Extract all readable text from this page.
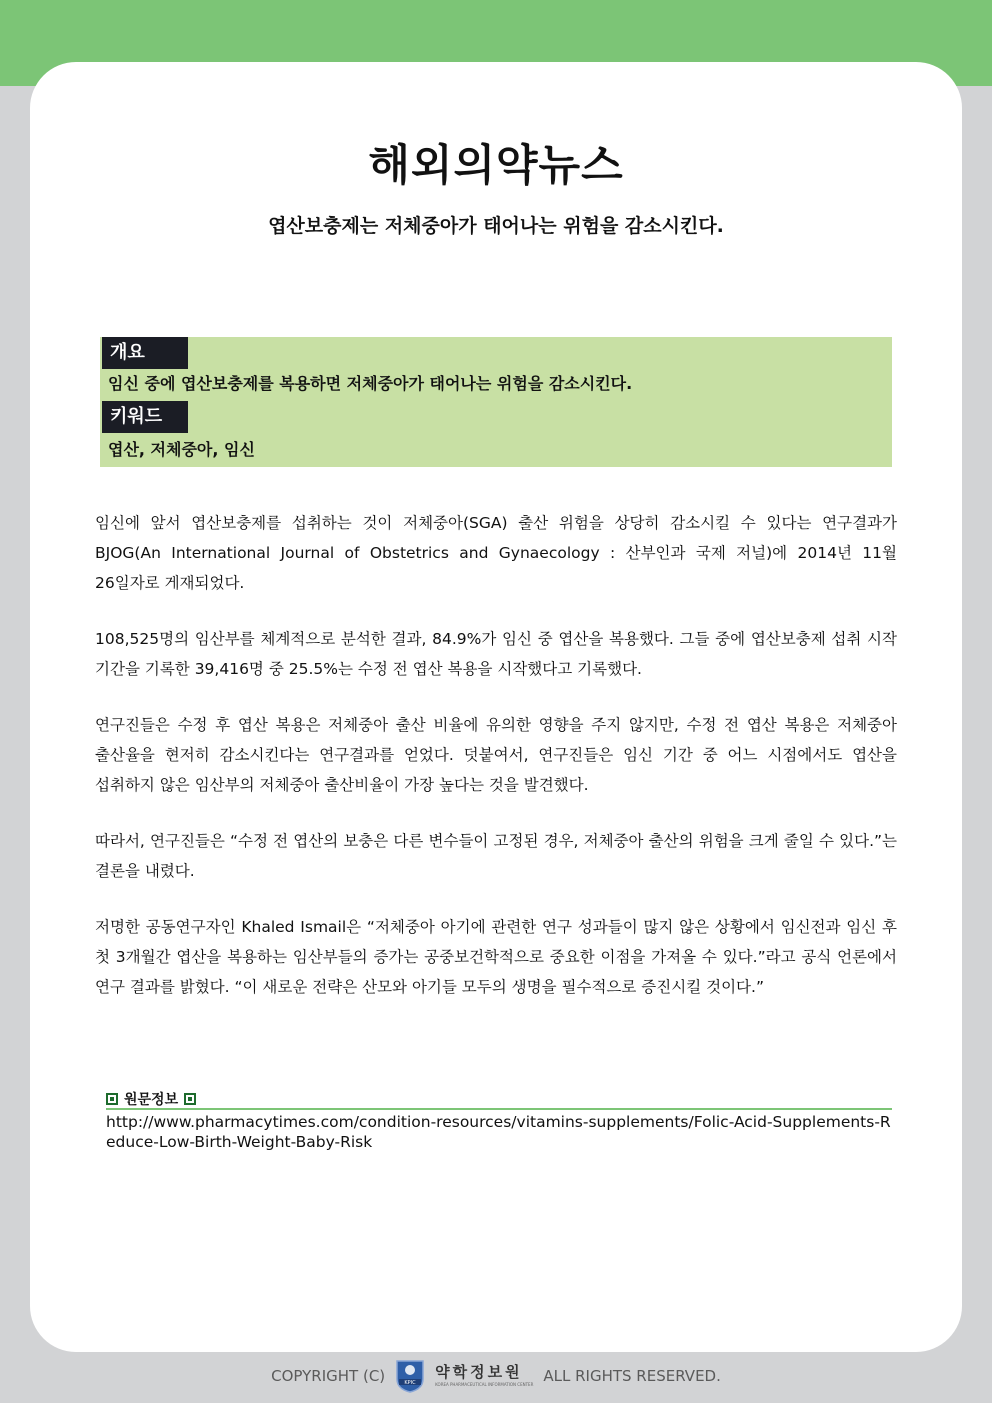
해외의약뉴스
엽산보충제는 저체중아가 태어나는 위험을 감소시킨다.
개요
임신 중에 엽산보충제를 복용하면 저체중아가 태어나는 위험을 감소시킨다.
키워드
엽산, 저체중아, 임신

임신에 앞서 엽산보충제를 섭취하는 것이 저체중아(SGA) 출산 위험을 상당히 감소시킬 수 있다는 연구결과가 BJOG(An International Journal of Obstetrics and Gynaecology : 산부인과 국제 저널)에 2014년 11월 26일자로 게재되었다.

108,525명의 임산부를 체계적으로 분석한 결과, 84.9%가 임신 중 엽산을 복용했다. 그들 중에 엽산보충제 섭취 시작 기간을 기록한 39,416명 중 25.5%는 수정 전 엽산 복용을 시작했다고 기록했다.

연구진들은 수정 후 엽산 복용은 저체중아 출산 비율에 유의한 영향을 주지 않지만, 수정 전 엽산 복용은 저체중아 출산율을 현저히 감소시킨다는 연구결과를 얻었다. 덧붙여서, 연구진들은 임신 기간 중 어느 시점에서도 엽산을 섭취하지 않은 임산부의 저체중아 출산비율이 가장 높다는 것을 발견했다.

따라서, 연구진들은 “수정 전 엽산의 보충은 다른 변수들이 고정된 경우, 저체중아 출산의 위험을 크게 줄일 수 있다.”는 결론을 내렸다.

저명한 공동연구자인 Khaled Ismail은 “저체중아 아기에 관련한 연구 성과들이 많지 않은 상황에서 임신전과 임신 후 첫 3개월간 엽산을 복용하는 임산부들의 증가는 공중보건학적으로 중요한 이점을 가져올 수 있다.”라고 공식 언론에서 연구 결과를 밝혔다. “이 새로운 전략은 산모와 아기들 모두의 생명을 필수적으로 증진시킬 것이다.”

원문정보

http://www.pharmacytimes.com/condition-resources/vitamins-supplements/Folic-Acid-Supplements-Reduce-Low-Birth-Weight-Baby-Risk

COPYRIGHT (C)	KPIC
약학정보원
KOREA PHARMACEUTICAL INFORMATION CENTER ALL RIGHTS RESERVED.
